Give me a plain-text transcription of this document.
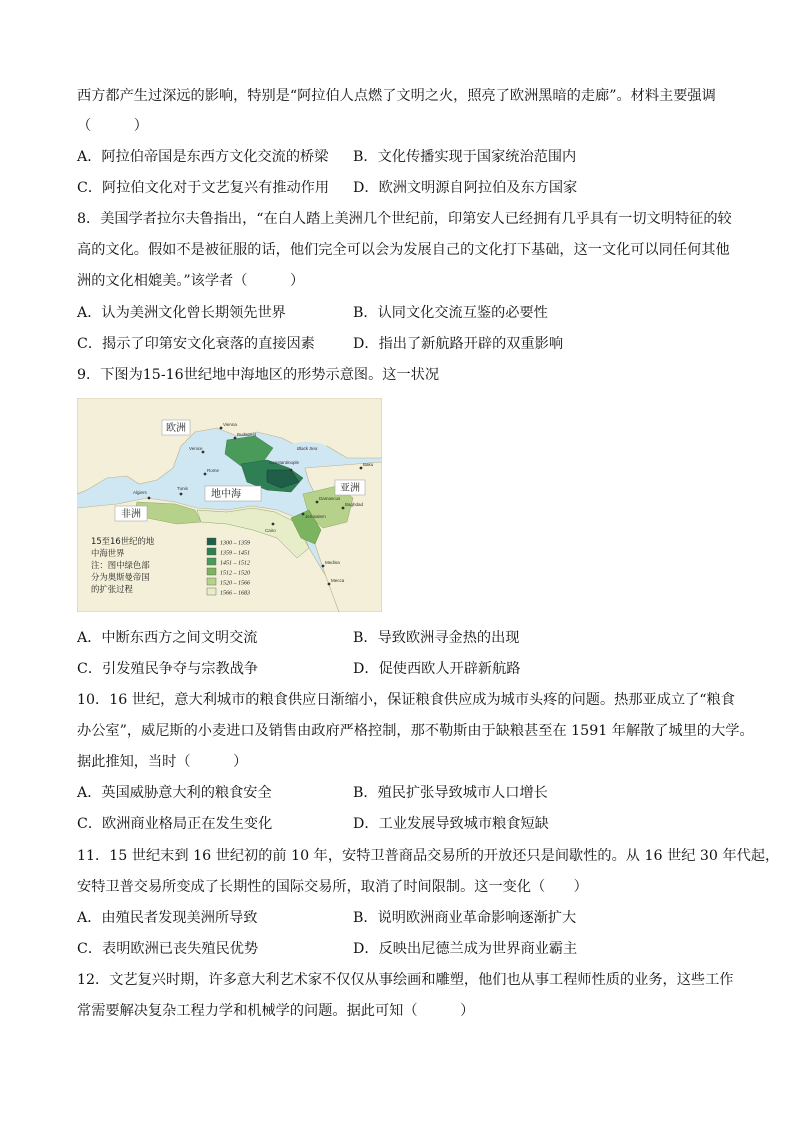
西方都产生过深远的影响，特别是“阿拉伯人点燃了文明之火，照亮了欧洲黑暗的走廊”。材料主要强调
（　　　）
A．阿拉伯帝国是东西方文化交流的桥梁 B．文化传播实现于国家统治范围内
C．阿拉伯文化对于文艺复兴有推动作用 D．欧洲文明源自阿拉伯及东方国家
8．美国学者拉尔夫鲁指出，“在白人踏上美洲几个世纪前，印第安人已经拥有几乎具有一切文明特征的较
高的文化。假如不是被征服的话，他们完全可以会为发展自己的文化打下基础，这一文化可以同任何其他
洲的文化相媲美。”该学者（　　　）
A．认为美洲文化曾长期领先世界	B．认同文化交流互鉴的必要性
C．揭示了印第安文化衰落的直接因素	D．指出了新航路开辟的双重影响
9．下图为15-16世纪地中海地区的形势示意图。这一状况
Vienna
Budapest
Venice
Rome
Constantinople
Algiers
Tunis
Cairo
Jerusalem
Damascus
Baghdad
Medina
Mecca
Baku
Black Sea
欧洲
亚洲
非洲
地中海
15至16世纪的地
中海世界
注：图中绿色部
分为奥斯曼帝国
的扩张过程
1300 – 1359
1359 – 1451
1451 – 1512
1512 – 1520
1520 – 1566
1566 – 1683
A．中断东西方之间文明交流	B．导致欧洲寻金热的出现
C．引发殖民争夺与宗教战争	D．促使西欧人开辟新航路
10．16 世纪，意大利城市的粮食供应日渐缩小，保证粮食供应成为城市头疼的问题。热那亚成立了“粮食
办公室”，威尼斯的小麦进口及销售由政府严格控制，那不勒斯由于缺粮甚至在 1591 年解散了城里的大学。
据此推知，当时（　　　）
A．英国威胁意大利的粮食安全	B．殖民扩张导致城市人口增长
C．欧洲商业格局正在发生变化	D．工业发展导致城市粮食短缺
11．15 世纪末到 16 世纪初的前 10 年，安特卫普商品交易所的开放还只是间歇性的。从 16 世纪 30 年代起，
安特卫普交易所变成了长期性的国际交易所，取消了时间限制。这一变化（　　）
A．由殖民者发现美洲所导致	B．说明欧洲商业革命影响逐渐扩大
C．表明欧洲已丧失殖民优势	D．反映出尼德兰成为世界商业霸主
12．文艺复兴时期，许多意大利艺术家不仅仅从事绘画和雕塑，他们也从事工程师性质的业务，这些工作
常需要解决复杂工程力学和机械学的问题。据此可知（　　　）
